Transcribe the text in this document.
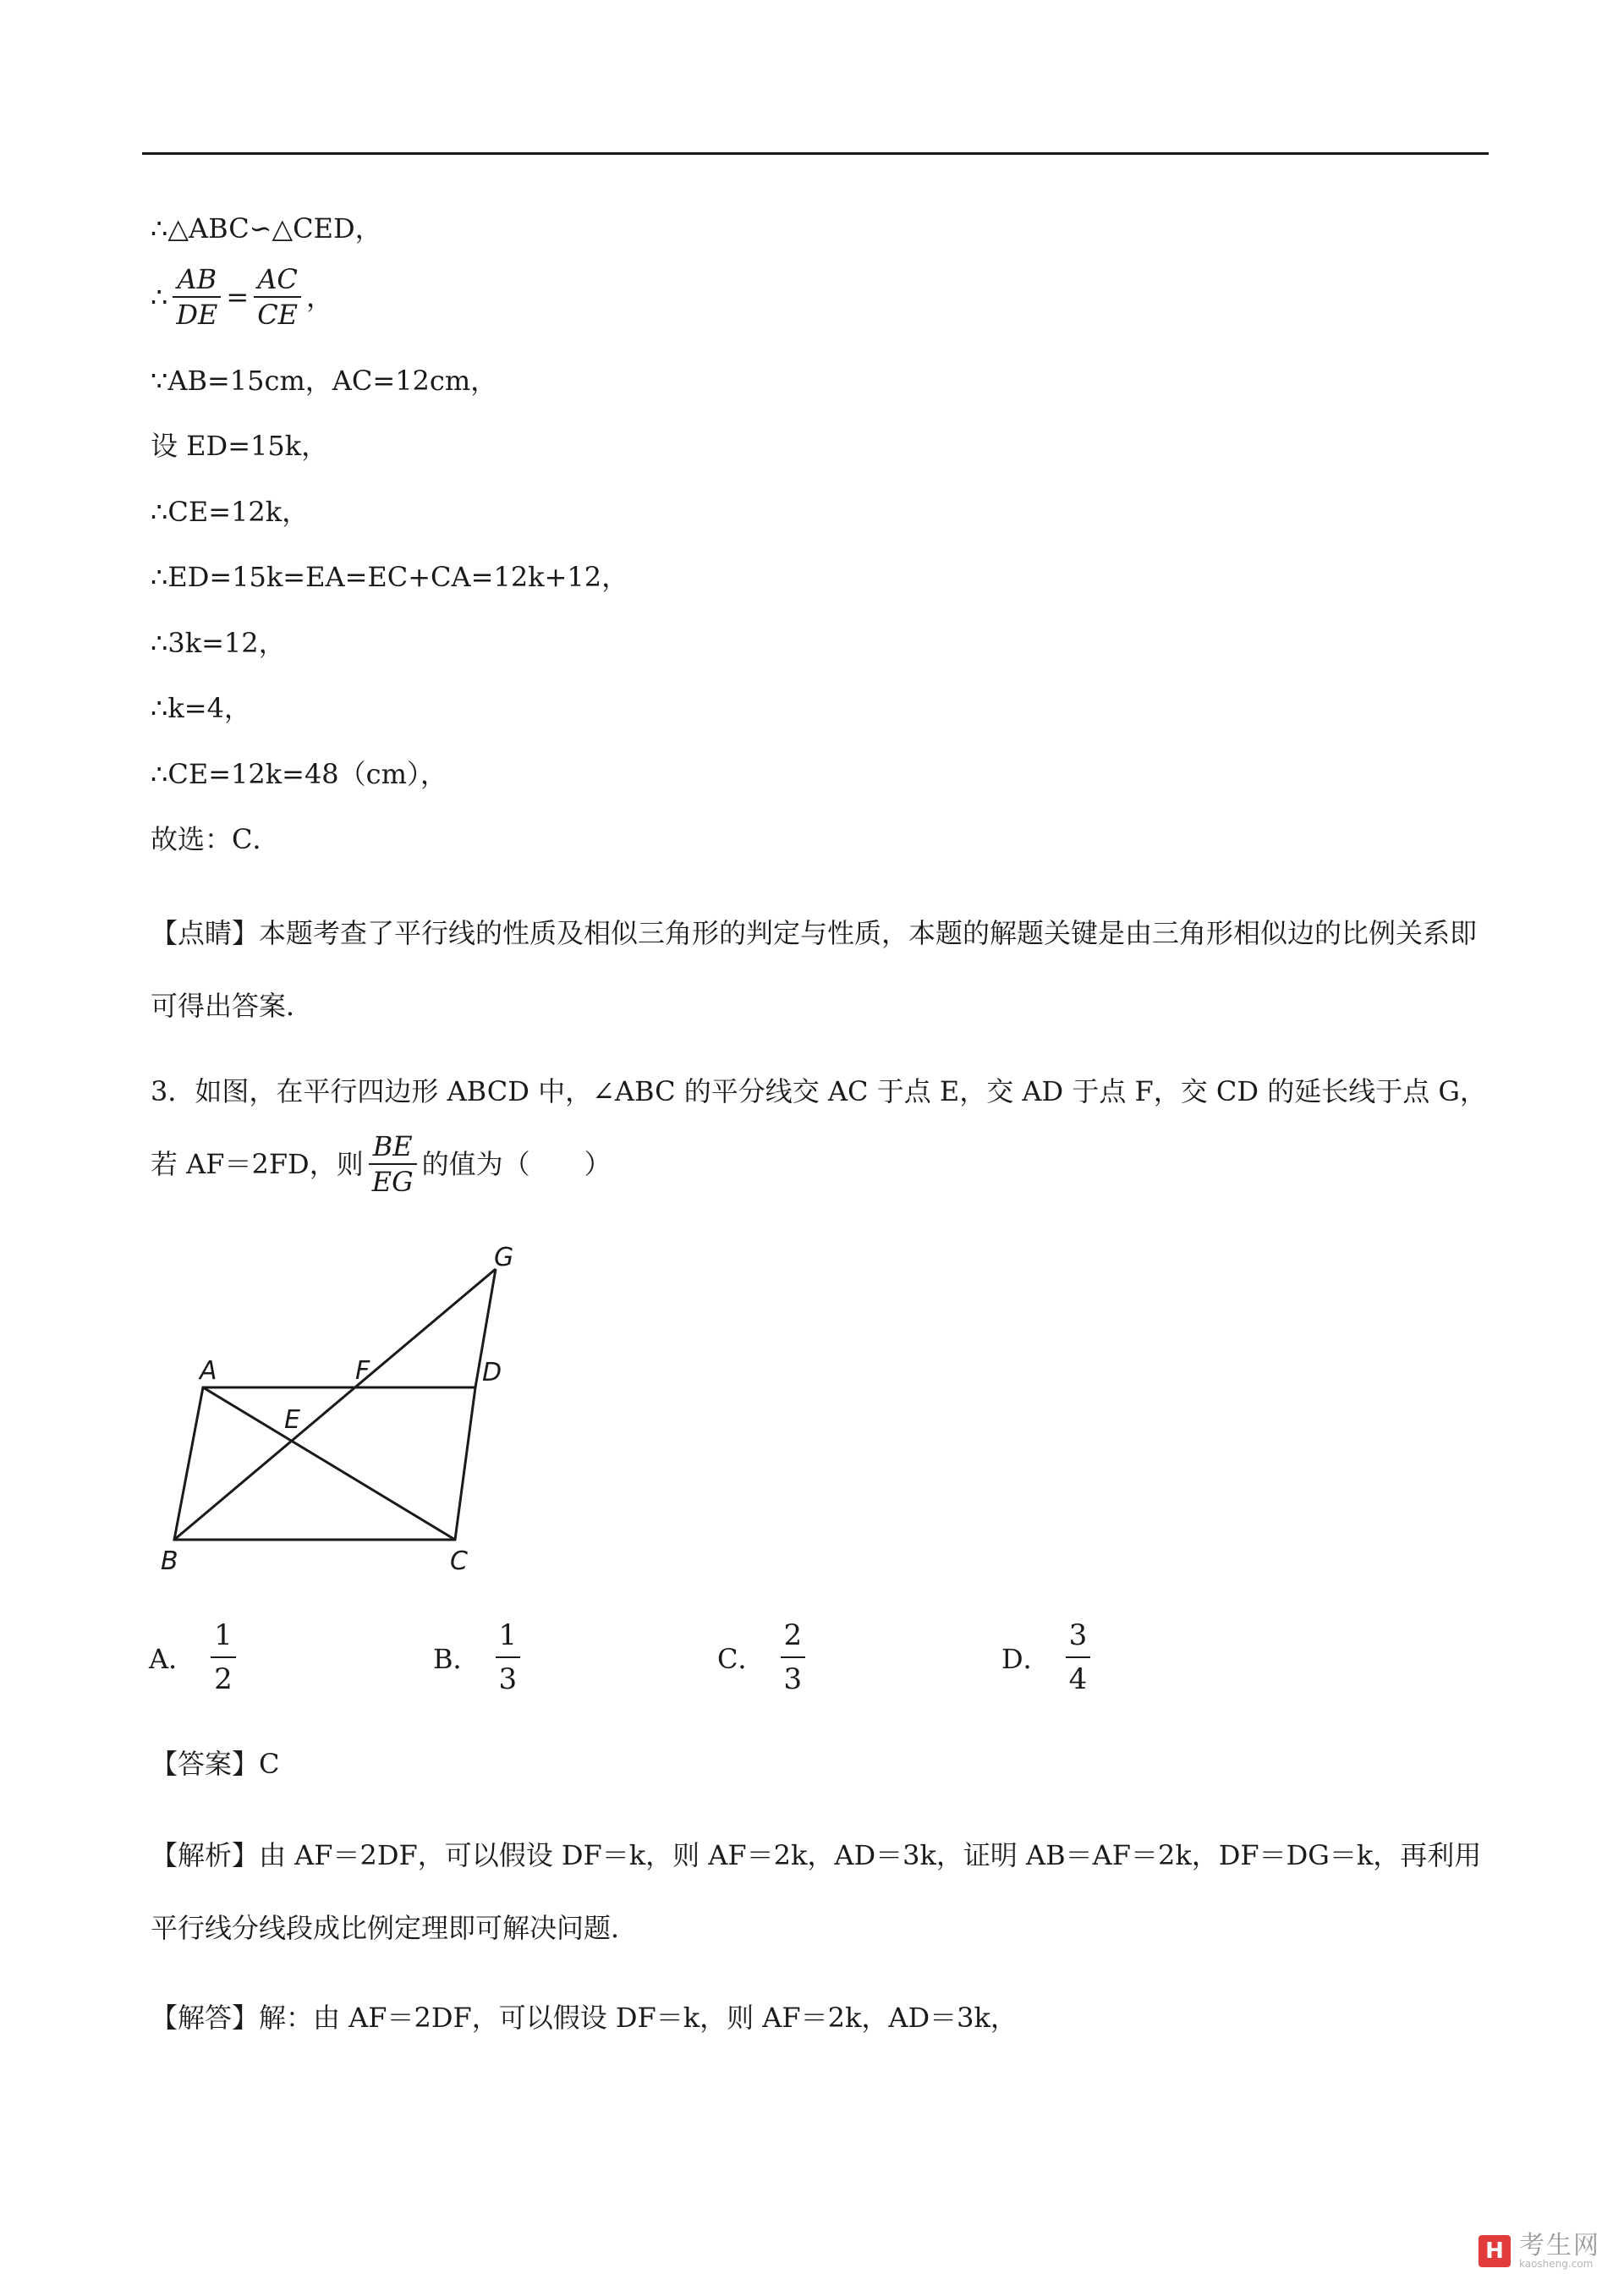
∴△ABC∽△CED，
∴ $\frac{AB}{DE} = \frac{AC}{CE}$ ，
∵AB=15cm，AC=12cm，
设 ED=15k，
∴CE=12k，
∴ED=15k=EA=EC+CA=12k+12，
∴3k=12，
∴k=4，
∴CE=12k=48（cm），
故选：C．
【点睛】本题考查了平行线的性质及相似三角形的判定与性质，本题的解题关键是由三角形相似边的比例关系即可得出答案．
3．如图，在平行四边形 ABCD 中，∠ABC 的平分线交 AC 于点 E，交 AD 于点 F，交 CD 的延长线于点 G，
若 AF＝2FD，则 $\frac{BE}{EG}$ 的值为（　　）
A
B	C
D
E
F
G
A． $\frac{1}{2}$	B． $\frac{1}{3}$	C． $\frac{2}{3}$	D． $\frac{3}{4}$
【答案】C
【解析】由 AF＝2DF，可以假设 DF＝k，则 AF＝2k，AD＝3k，证明 AB＝AF＝2k，DF＝DG＝k，再利用平行线分线段成比例定理即可解决问题．
【解答】解：由 AF＝2DF，可以假设 DF＝k，则 AF＝2k，AD＝3k，
H 考生网
kaosheng.com
